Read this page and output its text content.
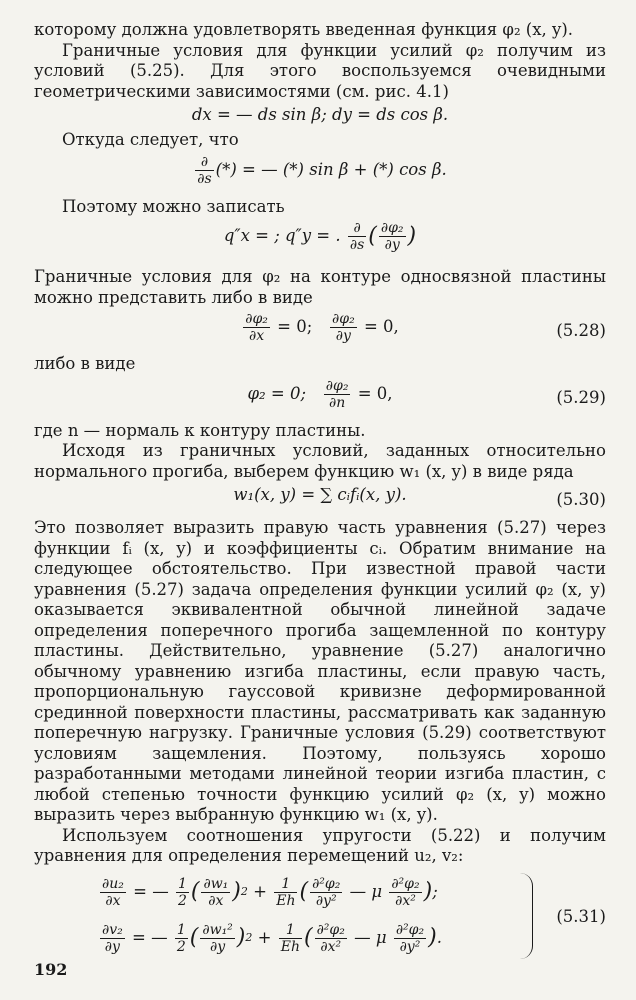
которому должна удовлетворять введенная функция φ₂ (x, y).

Граничные условия для функции усилий φ₂ получим из условий (5.25). Для этого воспользуемся очевидными геометрическими зависимостями (см. рис. 4.1)

dx = — ds sin β; dy = ds cos β.

Откуда следует, что

$\frac{\partial}{\partial s}$ (*) = — (*) sin β + (*) cos β.

Поэтому можно записать

q″x = ; q″y = . $\frac{\partial}{\partial s}$ ( $\frac{\text{∂φ₂}}{\partial y}$ )

Граничные условия для φ₂ на контуре односвязной пластины можно представить либо в виде

$\frac{\text{∂φ₂}}{\partial x} = 0$; $\frac{\text{∂φ₂}}{\partial y} = 0$,	(5.28)

либо в виде

φ₂ = 0; $\frac{\text{∂φ₂}}{\partial n} = 0$,	(5.29)

где n — нормаль к контуру пластины.

Исходя из граничных условий, заданных относительно нормального прогиба, выберем функцию w₁ (x, y) в виде ряда

w₁(x, y) = ∑ cᵢfᵢ(x, y).	(5.30)

Это позволяет выразить правую часть уравнения (5.27) через функции fᵢ (x, y) и коэффициенты cᵢ. Обратим внимание на следующее обстоятельство. При известной правой части уравнения (5.27) задача определения функции усилий φ₂ (x, y) оказывается эквивалентной обычной линейной задаче определения поперечного прогиба защемленной по контуру пластины. Действительно, уравнение (5.27) аналогично обычному уравнению изгиба пластины, если правую часть, пропорциональную гауссовой кривизне деформированной срединной поверхности пластины, рассматривать как заданную поперечную нагрузку. Граничные условия (5.29) соответствуют условиям защемления. Поэтому, пользуясь хорошо разработанными методами линейной теории изгиба пластин, с любой степенью точности функцию усилий φ₂ (x, y) можно выразить через выбранную функцию w₁ (x, y).

Используем соотношения упругости (5.22) и получим уравнения для определения перемещений u₂, v₂:

$\frac{\text{∂u₂}}{\partial x}$ = — $\frac{1}{2}$ ( $\frac{\text{∂w₁}}{\partial x}$ ) $2 + \frac{1}{Eh}$ ( $\frac{\text{∂²φ₂}}{\text{∂y²}}$ — μ $\frac{\text{∂²φ₂}}{\text{∂x²}}$ ) ;
$\frac{\text{∂v₂}}{\partial y}$ = — $\frac{1}{2}$ ( $\frac{\text{∂w₁²}}{\partial y}$ ) $2 + \frac{1}{Eh}$ ( $\frac{\text{∂²φ₂}}{\text{∂x²}}$ — μ $\frac{\text{∂²φ₂}}{\text{∂y²}}$ ) .
(5.31)
192
